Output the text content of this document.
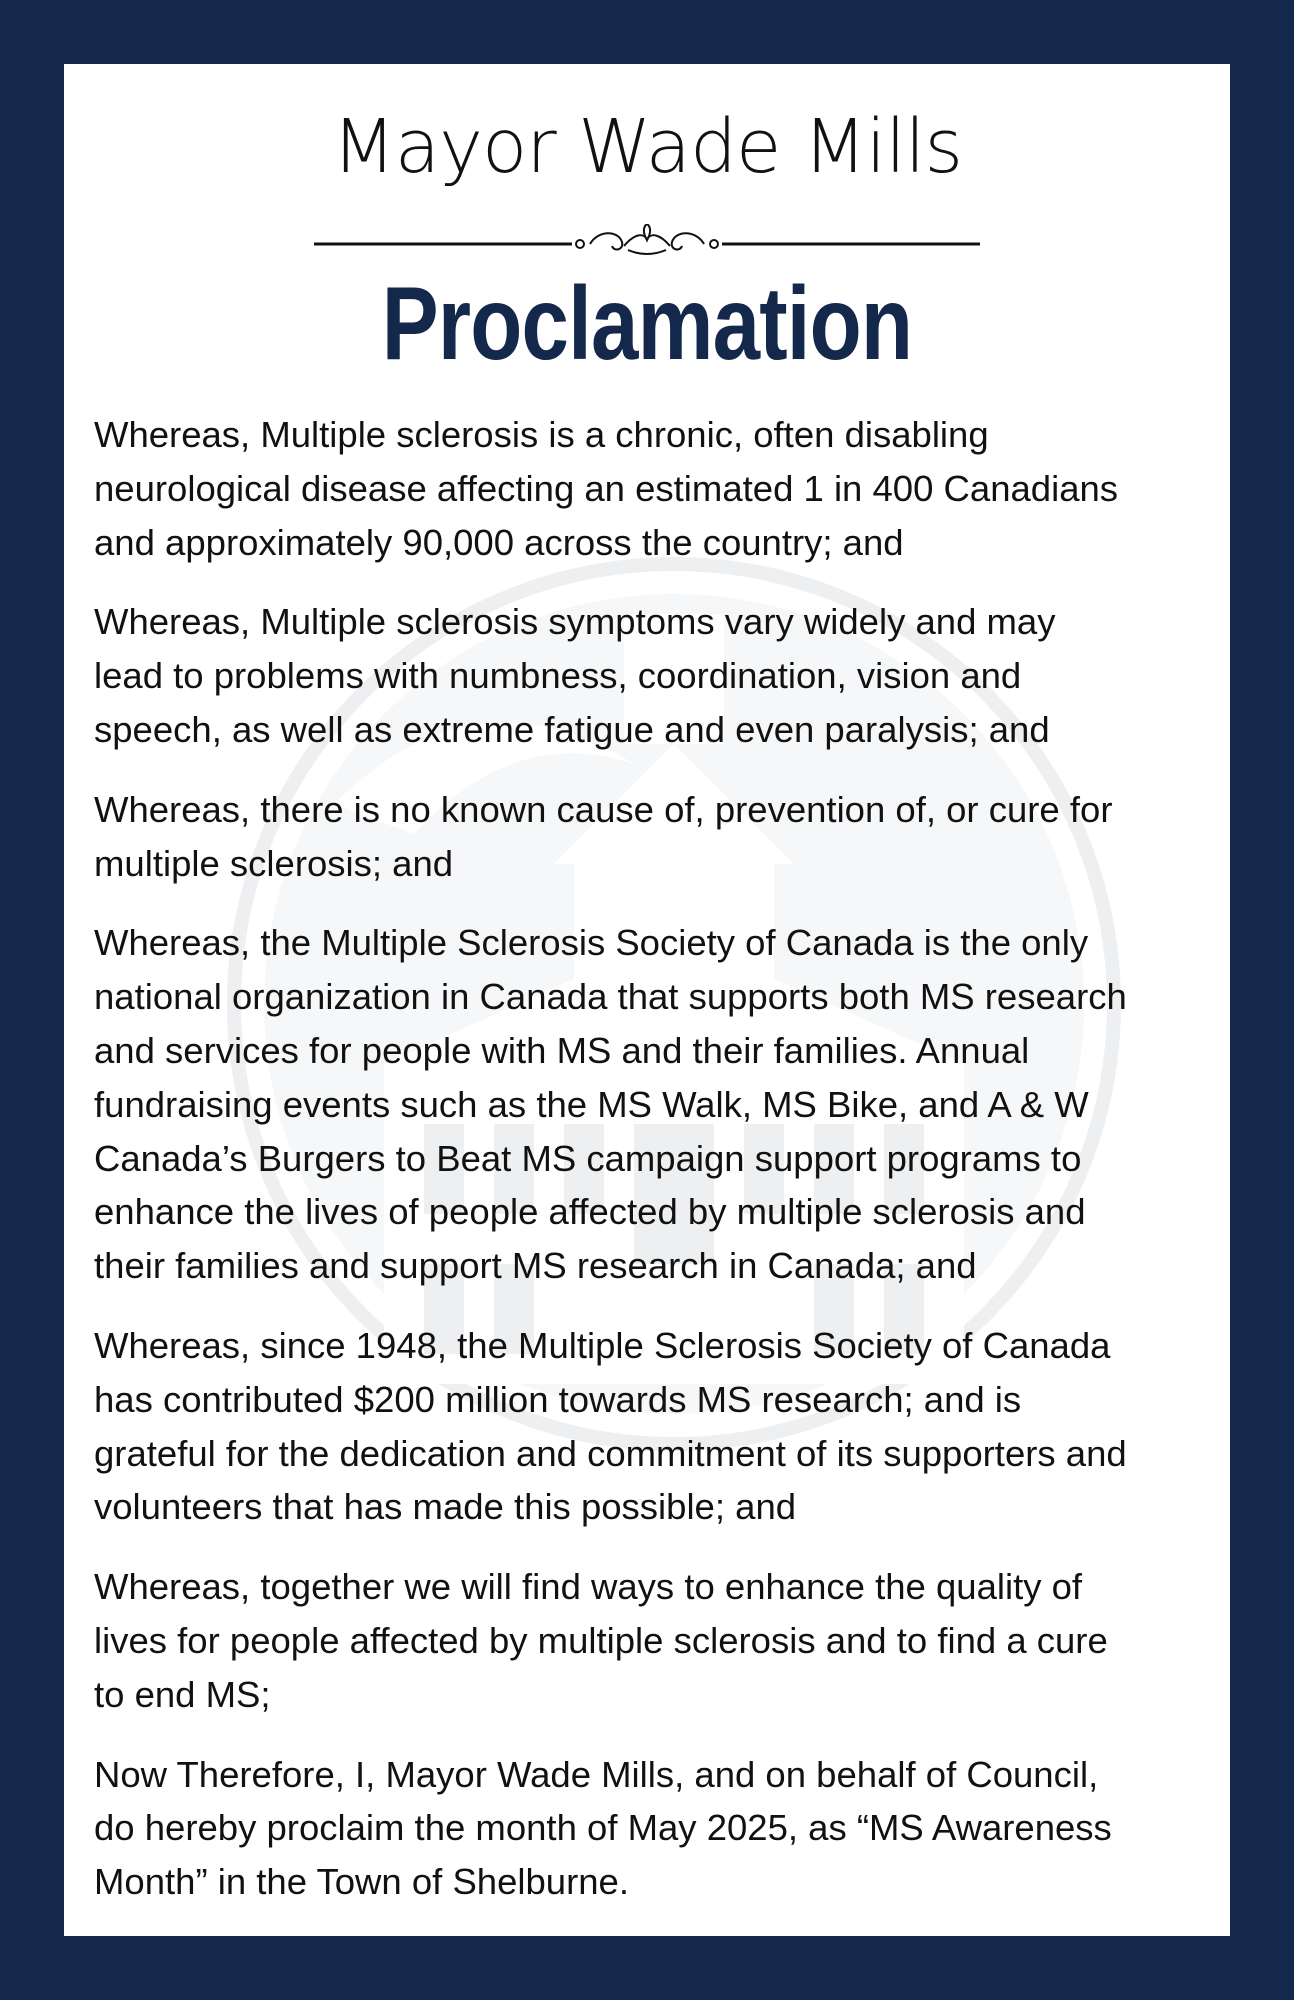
Mayor Wade Mills
Proclamation

Whereas, Multiple sclerosis is a chronic, often disabling
neurological disease affecting an estimated 1 in 400 Canadians
and approximately 90,000 across the country; and

Whereas, Multiple sclerosis symptoms vary widely and may
lead to problems with numbness, coordination, vision and
speech, as well as extreme fatigue and even paralysis; and

Whereas, there is no known cause of, prevention of, or cure for
multiple sclerosis; and

Whereas, the Multiple Sclerosis Society of Canada is the only
national organization in Canada that supports both MS research
and services for people with MS and their families. Annual
fundraising events such as the MS Walk, MS Bike, and A & W
Canada’s Burgers to Beat MS campaign support programs to
enhance the lives of people affected by multiple sclerosis and
their families and support MS research in Canada; and

Whereas, since 1948, the Multiple Sclerosis Society of Canada
has contributed $200 million towards MS research; and is
grateful for the dedication and commitment of its supporters and
volunteers that has made this possible; and

Whereas, together we will find ways to enhance the quality of
lives for people affected by multiple sclerosis and to find a cure
to end MS;

Now Therefore, I, Mayor Wade Mills, and on behalf of Council,
do hereby proclaim the month of May 2025, as “MS Awareness
Month” in the Town of Shelburne.
